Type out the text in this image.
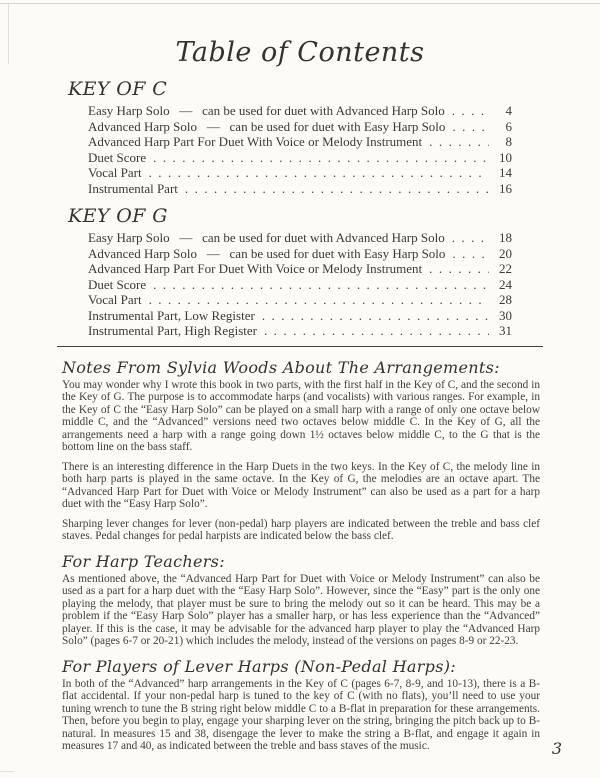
Table of Contents
KEY OF C
Easy Harp Solo  —  can be used for duet with Advanced Harp Solo . . .	4
Advanced Harp Solo  —  can be used for duet with Easy Harp Solo . . .	6
Advanced Harp Part For Duet With Voice or Melody Instrument . . .	8
Duet Score . . .	10
Vocal Part . . .	14
Instrumental Part . . .	16
KEY OF G
Easy Harp Solo  —  can be used for duet with Advanced Harp Solo . . .	18
Advanced Harp Solo  —  can be used for duet with Easy Harp Solo . . .	20
Advanced Harp Part For Duet With Voice or Melody Instrument . . .	22
Duet Score . . .	24
Vocal Part . . .	28
Instrumental Part, Low Register . . .	30
Instrumental Part, High Register . . .	31
Notes From Sylvia Woods About The Arrangements:

You may wonder why I wrote this book in two parts, with the first half in the Key of C, and the second in the Key of G. The purpose is to accommodate harps (and vocalists) with various ranges. For example, in the Key of C the “Easy Harp Solo” can be played on a small harp with a range of only one octave below middle C, and the “Advanced” versions need two octaves below middle C. In the Key of G, all the arrangements need a harp with a range going down 1½ octaves below middle C, to the G that is the bottom line on the bass staff.

There is an interesting difference in the Harp Duets in the two keys. In the Key of C, the melody line in both harp parts is played in the same octave. In the Key of G, the melodies are an octave apart. The “Advanced Harp Part for Duet with Voice or Melody Instrument” can also be used as a part for a harp duet with the “Easy Harp Solo”.

Sharping lever changes for lever (non-pedal) harp players are indicated between the treble and bass clef staves. Pedal changes for pedal harpists are indicated below the bass clef.

For Harp Teachers:

As mentioned above, the “Advanced Harp Part for Duet with Voice or Melody Instrument” can also be used as a part for a harp duet with the “Easy Harp Solo”. However, since the “Easy” part is the only one playing the melody, that player must be sure to bring the melody out so it can be heard. This may be a problem if the “Easy Harp Solo” player has a smaller harp, or has less experience than the “Advanced” player. If this is the case, it may be advisable for the advanced harp player to play the “Advanced Harp Solo” (pages 6-7 or 20-21) which includes the melody, instead of the versions on pages 8-9 or 22-23.

For Players of Lever Harps (Non-Pedal Harps):

In both of the “Advanced” harp arrangements in the Key of C (pages 6-7, 8-9, and 10-13), there is a B-flat accidental. If your non-pedal harp is tuned to the key of C (with no flats), you’ll need to use your tuning wrench to tune the B string right below middle C to a B-flat in preparation for these arrangements. Then, before you begin to play, engage your sharping lever on the string, bringing the pitch back up to B-natural. In measures 15 and 38, disengage the lever to make the string a B-flat, and engage it again in measures 17 and 40, as indicated between the treble and bass staves of the music.	3
